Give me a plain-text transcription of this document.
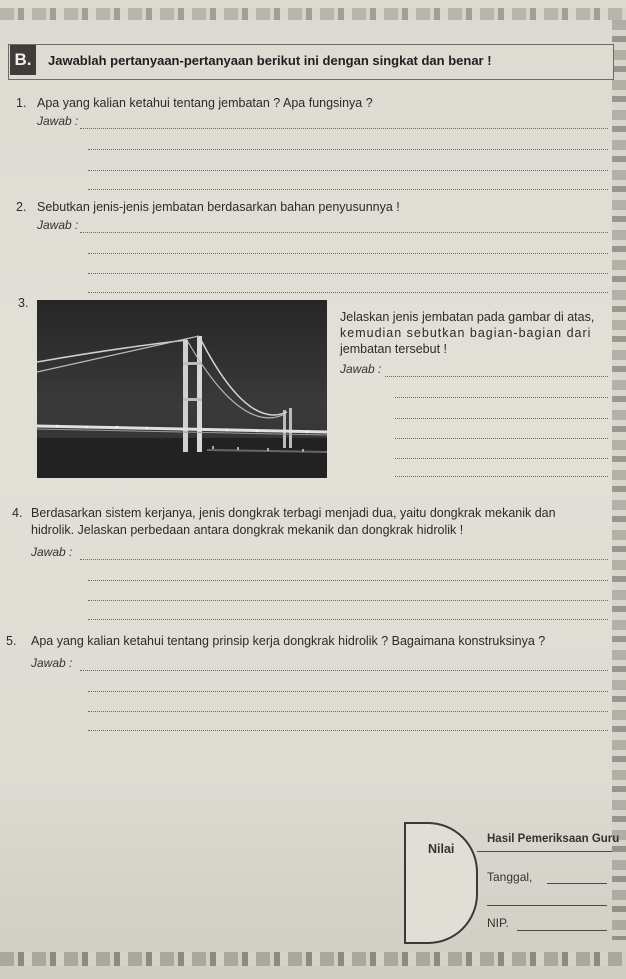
B.	Jawablah pertanyaan-pertanyaan berikut ini dengan singkat dan benar !
1. Apa yang kalian ketahui tentang jembatan ? Apa fungsinya ?
Jawab :
2. Sebutkan jenis-jenis jembatan berdasarkan bahan penyusunnya !
Jawab :
3.
Jelaskan jenis jembatan pada gambar di atas,
kemudian sebutkan bagian-bagian dari
jembatan tersebut !
Jawab :
4. Berdasarkan sistem kerjanya, jenis dongkrak terbagi menjadi dua, yaitu dongkrak mekanik dan
hidrolik. Jelaskan perbedaan antara dongkrak mekanik dan dongkrak hidrolik !
Jawab :
5. Apa yang kalian ketahui tentang prinsip kerja dongkrak hidrolik ? Bagaimana konstruksinya ?
Jawab :
Nilai
Hasil Pemeriksaan Guru
Tanggal,
NIP.
